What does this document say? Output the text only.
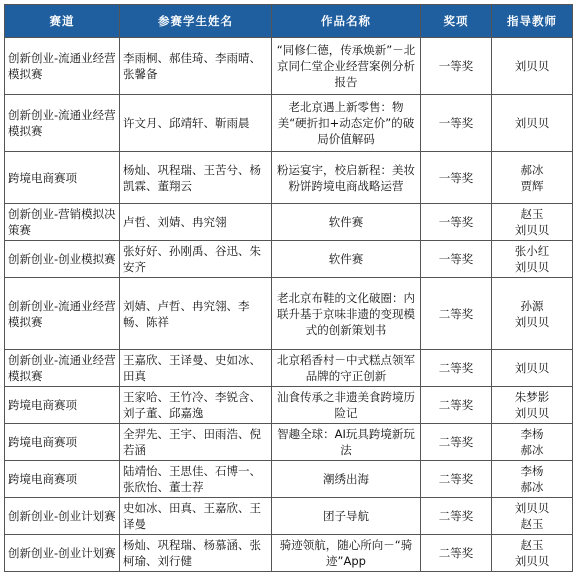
赛道	参赛学生姓名	作品名称	奖项	指导教师
创新创业-流通业经营模拟赛	李雨桐、郝佳琦、李雨晴、张馨备	“同修仁德，传承焕新”－北京同仁堂企业经营案例分析报告	一等奖	刘贝贝

创新创业-流通业经营模拟赛	许文月、邱靖轩、靳雨晨	老北京遇上新零售：物美“硬折扣+动态定价”的破局价值解码	一等奖	刘贝贝

跨境电商赛项	杨灿、巩程瑞、王苦兮、杨凯霖、董翔云	粉运宴宇，校启新程：美妆粉饼跨境电商战略运营	一等奖	郝冰
贾辉

创新创业-营销模拟决策赛	卢哲、刘婧、冉究翎	软件赛	一等奖	赵玉
刘贝贝

创新创业-创业模拟赛	张好好、孙刚禹、谷迅、朱安齐	软件赛	一等奖	张小红
刘贝贝

创新创业-流通业经营模拟赛	刘婧、卢哲、冉究翎、李畅、陈祥	老北京布鞋的文化破圈：内联升基于京味非遗的变现模式的创新策划书	二等奖	孙源
刘贝贝

创新创业-流通业经营模拟赛	王嘉欣、王译曼、史如冰、田真	北京稻香村－中式糕点领军品牌的守正创新	二等奖	刘贝贝

跨境电商赛项	王家哈、王竹冷、李锐含、刘子董、邱嘉逸	汕食传承之非遗美食跨境历险记	二等奖	朱梦影
刘贝贝

跨境电商赛项	全羿先、王宇、田雨浩、倪若涵	智趣全球：AI玩具跨境新玩法	二等奖	李杨
郝冰

跨境电商赛项	陆靖怡、王思佳、石博一、张欣怡、董士荐	潮绣出海	二等奖	李杨
郝冰

创新创业-创业计划赛	史如冰、田真、王嘉欣、王译曼	团子导航	二等奖	刘贝贝
赵玉

创新创业-创业计划赛	杨灿、巩程瑞、杨慕涵、张柯瑜、刘行健	骑迹领航，随心所向－“骑迹”App	二等奖	赵玉
刘贝贝
